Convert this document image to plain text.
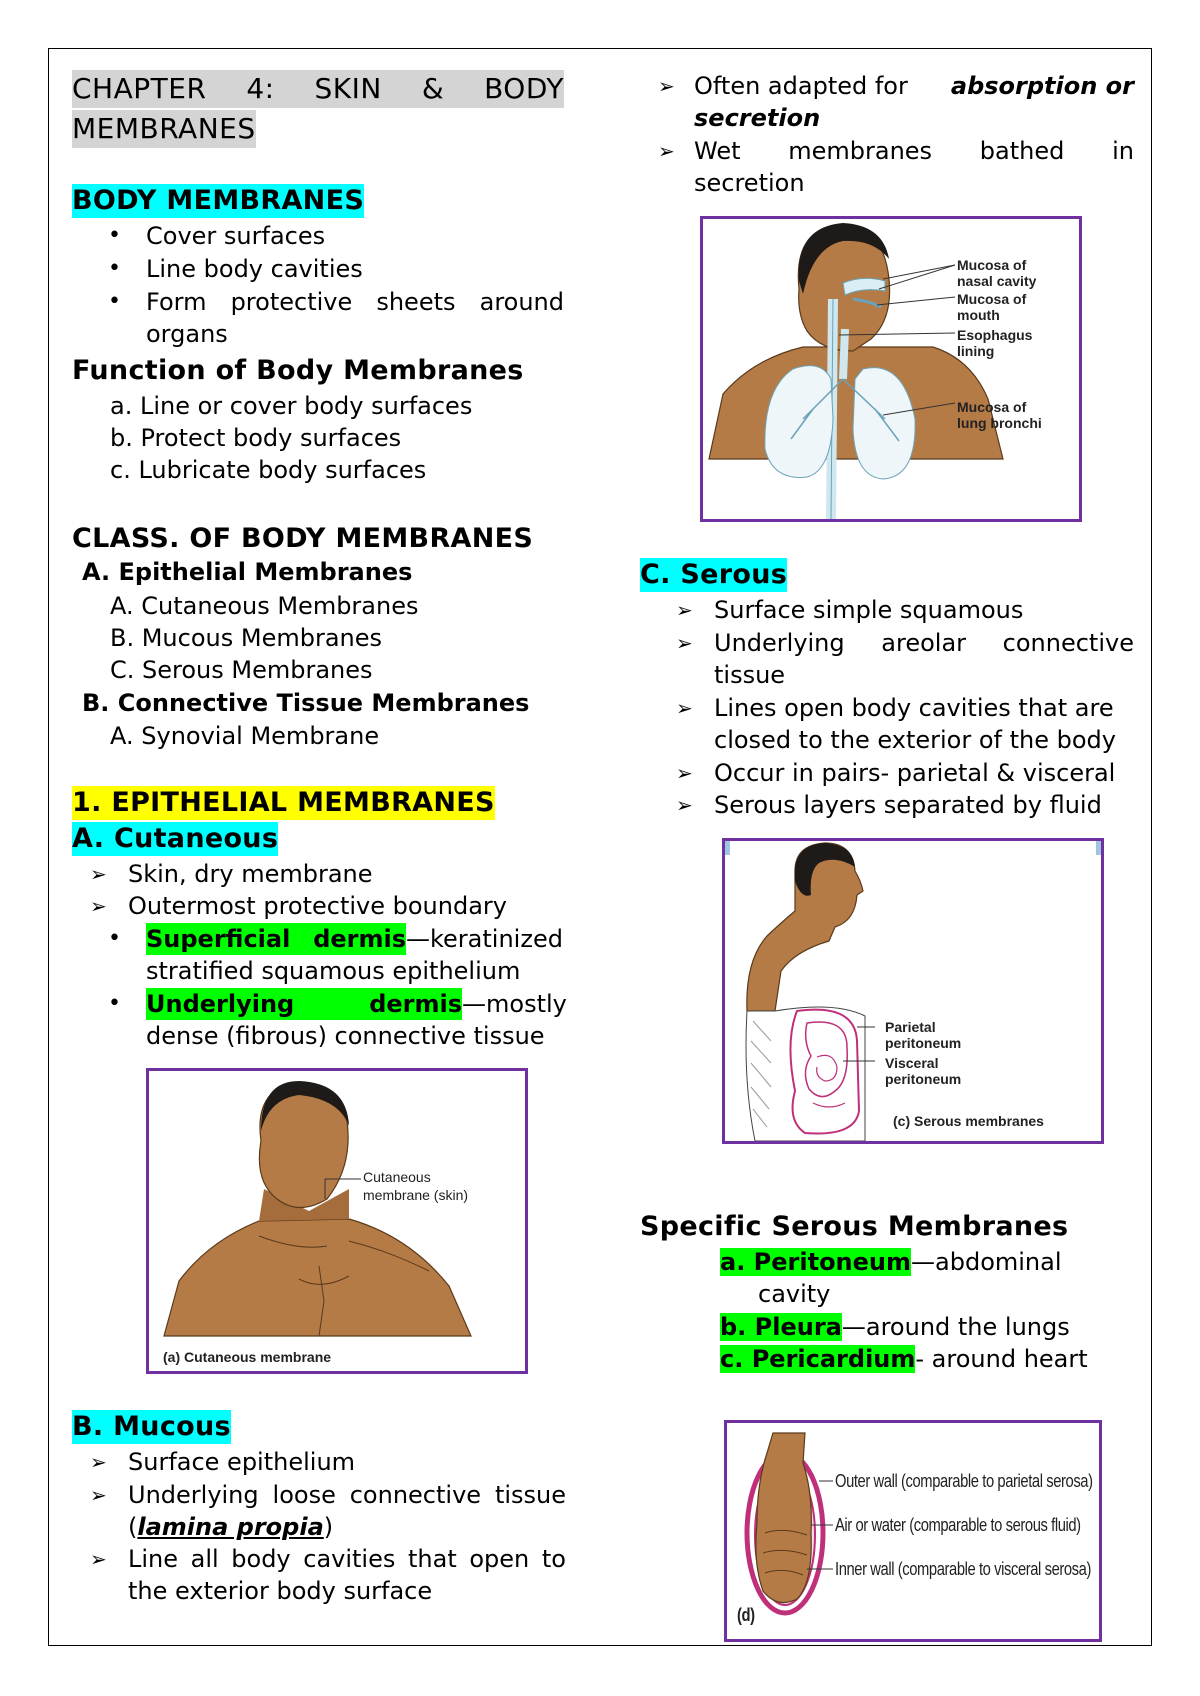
CHAPTER 4: SKIN & BODY
MEMBRANES
BODY MEMBRANES
• Cover surfaces
• Line body cavities
• Form protective sheets around
organs
Function of Body Membranes
a. Line or cover body surfaces
b. Protect body surfaces
c. Lubricate body surfaces
CLASS. OF BODY MEMBRANES
A. Epithelial Membranes
A. Cutaneous Membranes
B. Mucous Membranes
C. Serous Membranes
B. Connective Tissue Membranes
A. Synovial Membrane
1. EPITHELIAL MEMBRANES
A. Cutaneous
➢ Skin, dry membrane
➢ Outermost protective boundary
• Superficial dermis —keratinized
stratified squamous epithelium
• Underlying	dermis —mostly
dense (fibrous) connective tissue
Cutaneous
membrane (skin)
(a) Cutaneous membrane
B. Mucous
➢ Surface epithelium
➢ Underlying loose connective tissue
(lamina propia)
➢ Line all body cavities that open to
the exterior body surface
➢ Often adapted for absorption or
secretion
➢ Wet membranes bathed in
secretion
Mucosa of
nasal cavity
Mucosa of
mouth
Esophagus
lining
Mucosa of
lung bronchi
C. Serous
➢ Surface simple squamous
➢ Underlying areolar connective
tissue
➢ Lines open body cavities that are
closed to the exterior of the body
➢ Occur in pairs- parietal & visceral
➢ Serous layers separated by fluid
Parietal
peritoneum
Visceral
peritoneum
(c) Serous membranes
Specific Serous Membranes
a. Peritoneum—abdominal
cavity
b. Pleura—around the lungs
c. Pericardium- around heart
Outer wall (comparable to parietal serosa)
Air or water (comparable to serous fluid)
Inner wall (comparable to visceral serosa)
(d)
